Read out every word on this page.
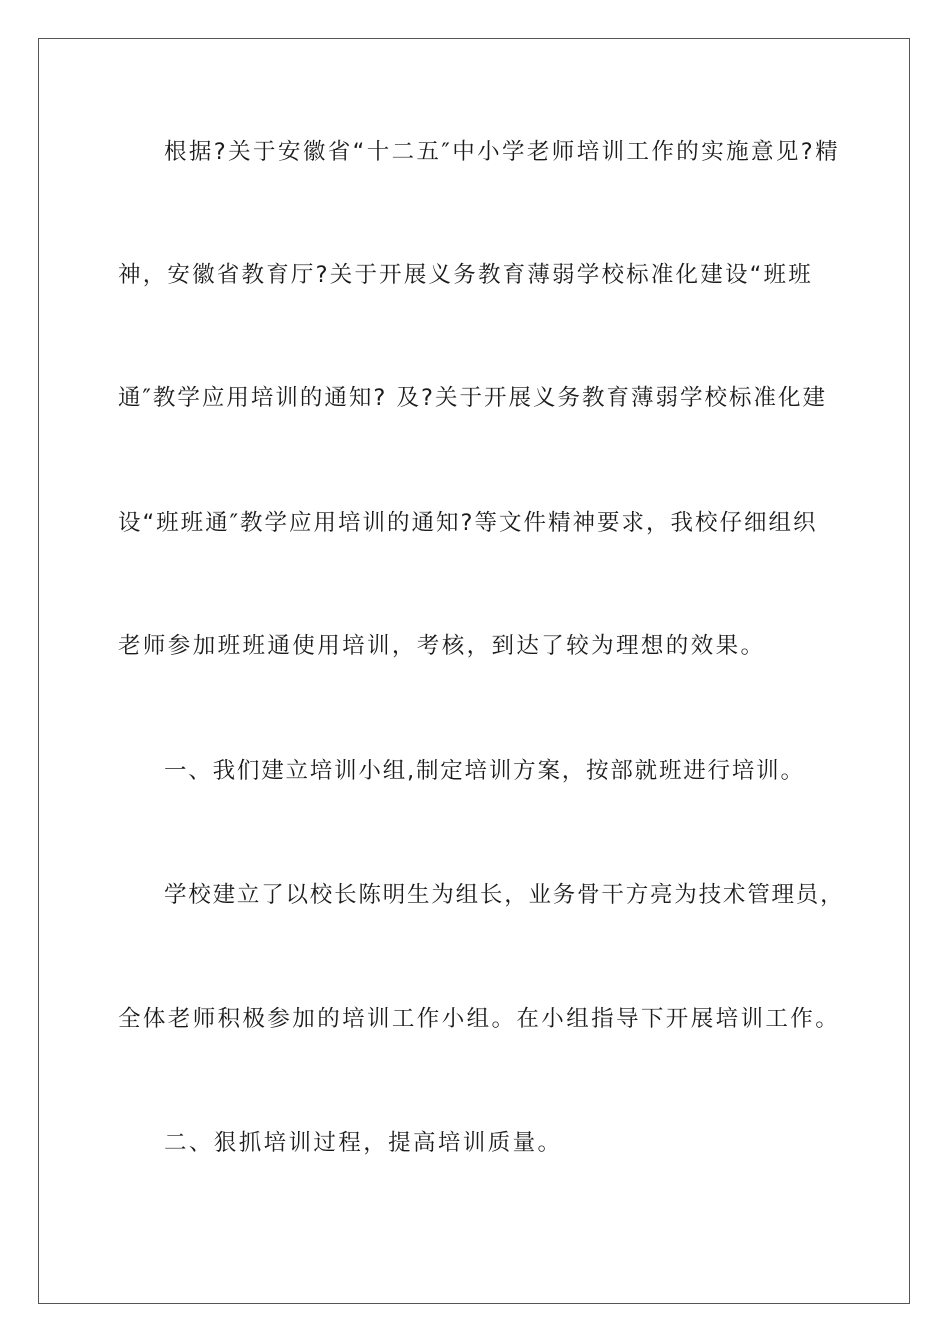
根据?关于安徽省“十二五″中小学老师培训工作的实施意见?精
神，安徽省教育厅?关于开展义务教育薄弱学校标准化建设“班班
通″教学应用培训的通知? 及?关于开展义务教育薄弱学校标准化建
设“班班通″教学应用培训的通知?等文件精神要求，我校仔细组织
老师参加班班通使用培训，考核，到达了较为理想的效果。
一、我们建立培训小组,制定培训方案，按部就班进行培训。
学校建立了以校长陈明生为组长，业务骨干方亮为技术管理员，
全体老师积极参加的培训工作小组。在小组指导下开展培训工作。
二、狠抓培训过程，提高培训质量。
